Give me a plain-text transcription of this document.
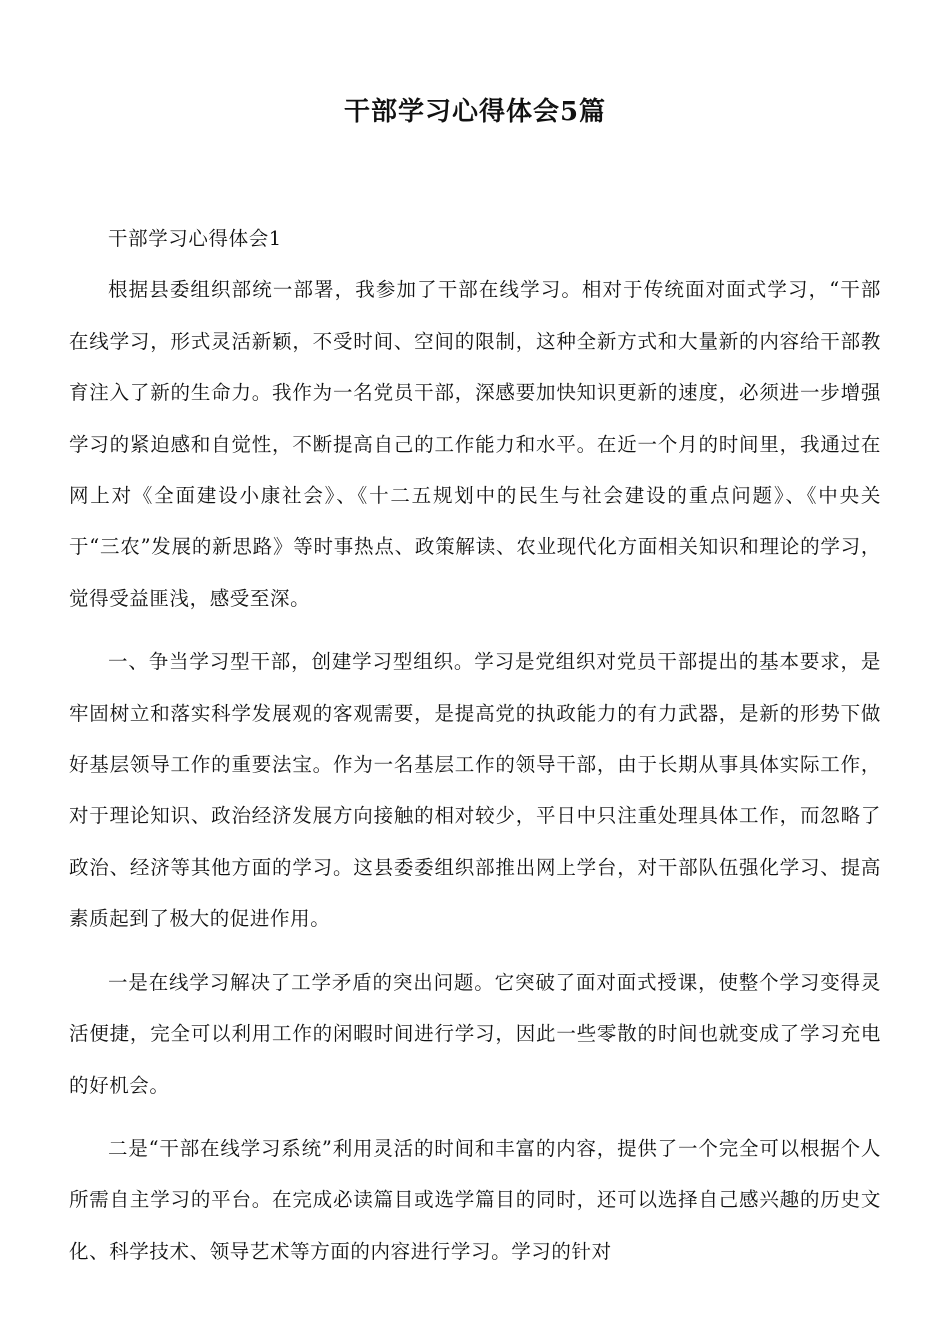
干部学习心得体会5篇

干部学习心得体会1

根据县委组织部统一部署，我参加了干部在线学习。相对于传统面对面式学习，“干部在线学习，形式灵活新颖，不受时间、空间的限制，这种全新方式和大量新的内容给干部教育注入了新的生命力。我作为一名党员干部，深感要加快知识更新的速度，必须进一步增强学习的紧迫感和自觉性，不断提高自己的工作能力和水平。在近一个月的时间里，我通过在网上对《全面建设小康社会》、《十二五规划中的民生与社会建设的重点问题》、《中央关于“三农”发展的新思路》等时事热点、政策解读、农业现代化方面相关知识和理论的学习，觉得受益匪浅，感受至深。

一、争当学习型干部，创建学习型组织。学习是党组织对党员干部提出的基本要求，是牢固树立和落实科学发展观的客观需要，是提高党的执政能力的有力武器，是新的形势下做好基层领导工作的重要法宝。作为一名基层工作的领导干部，由于长期从事具体实际工作，对于理论知识、政治经济发展方向接触的相对较少，平日中只注重处理具体工作，而忽略了政治、经济等其他方面的学习。这县委委组织部推出网上学台，对干部队伍强化学习、提高素质起到了极大的促进作用。

一是在线学习解决了工学矛盾的突出问题。它突破了面对面式授课，使整个学习变得灵活便捷，完全可以利用工作的闲暇时间进行学习，因此一些零散的时间也就变成了学习充电的好机会。

二是“干部在线学习系统”利用灵活的时间和丰富的内容，提供了一个完全可以根据个人所需自主学习的平台。在完成必读篇目或选学篇目的同时，还可以选择自己感兴趣的历史文化、科学技术、领导艺术等方面的内容进行学习。学习的针对
